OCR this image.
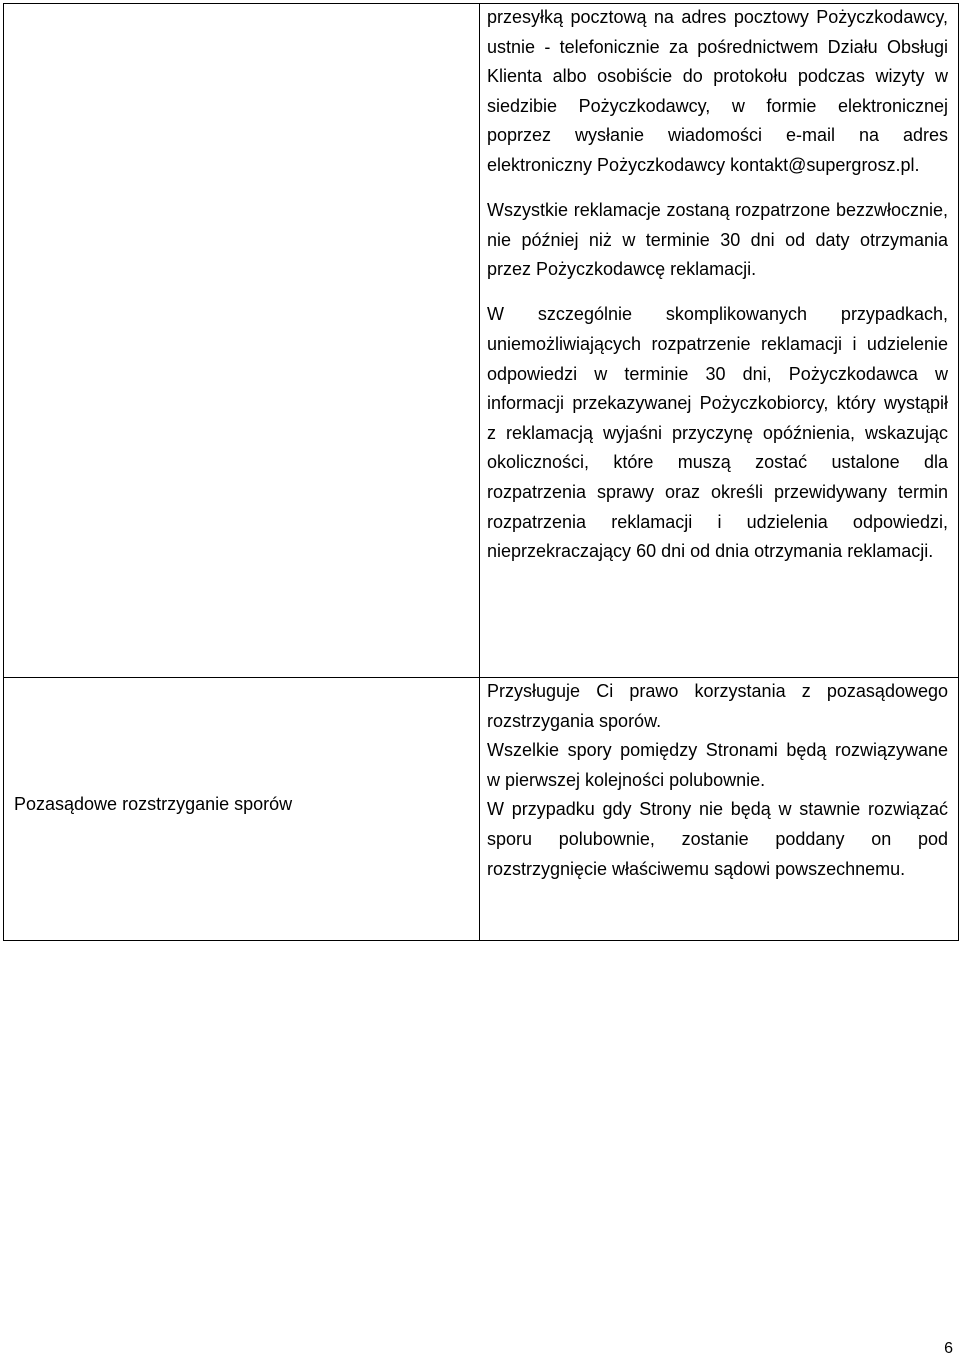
	przesyłką pocztową na adres pocztowy Pożyczkodawcy, ustnie - telefonicznie za pośrednictwem Działu Obsługi Klienta albo osobiście do protokołu podczas wizyty w siedzibie Pożyczkodawcy, w formie elektronicznej poprzez wysłanie wiadomości e-mail na adres elektroniczny Pożyczkodawcy kontakt@supergrosz.pl.

Wszystkie reklamacje zostaną rozpatrzone bezzwłocznie, nie później niż w terminie 30 dni od daty otrzymania przez Pożyczkodawcę reklamacji.

W szczególnie skomplikowanych przypadkach, uniemożliwiających rozpatrzenie reklamacji i udzielenie odpowiedzi w terminie 30 dni, Pożyczkodawca w informacji przekazywanej Pożyczkobiorcy, który wystąpił z reklamacją wyjaśni przyczynę opóźnienia, wskazując okoliczności, które muszą zostać ustalone dla rozpatrzenia sprawy oraz określi przewidywany termin rozpatrzenia reklamacji i udzielenia odpowiedzi, nieprzekraczający 60 dni od dnia otrzymania reklamacji.

Pozasądowe rozstrzyganie sporów	Przysługuje Ci prawo korzystania z pozasądowego rozstrzygania sporów.

Wszelkie spory pomiędzy Stronami będą rozwiązywane w pierwszej kolejności polubownie.

W przypadku gdy Strony nie będą w stawnie rozwiązać sporu polubownie, zostanie poddany on pod rozstrzygnięcie właściwemu sądowi powszechnemu.

6
